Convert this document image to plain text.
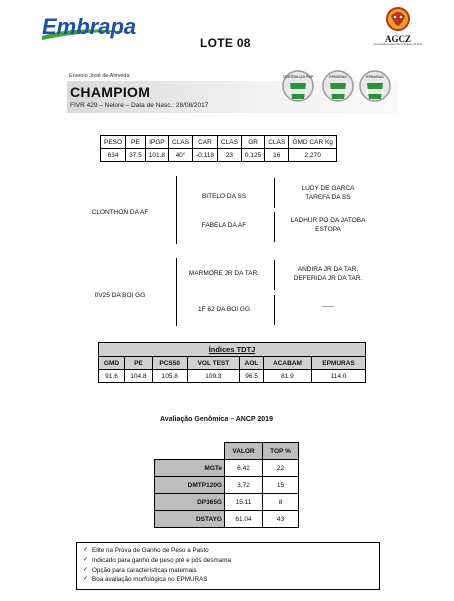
Embrapa
LOTE 08	AGCZ
Associação Goiana dos Criadores de Zebu
Ervenio José de Almeida
CHAMPIOM
FIVR 429 – Nelore – Data de Nasc.: 28/08/2017
CENTRALIZA PGP	EPMURAS	EPMURAS
PESO	PE	IPGP	CLAS	CAR	CLAS	GR	CLAS	GMD CAR Kg
634	37.5	101.8	40°	-0.118	23	0.125	16	2.270
CLONTHON DA AF
BITELO DA SS
FABELA DA AF
LUDY DE GARCA
TAREFA DA SS
LADHUR PO DA JATOBA
ESTOPA
0V25 DA BOI GG
MARMORE JR DA TAR.
1F 62 DA BOI GG
ANDIRA JR DA TAR.
DEFERIDA JR DA TAR.
___
Índices TDTJ						
GMD	PE	PCS50	VOL TEST	AOL	ACABAM	EPMURAS
91.6	104.8	105.8	109.3	96.5	81.9	114.0
Avaliação Genômica – ANCP 2019
	VALOR	TOP %
MGTe	6.42	22
DMTP120G	3.72	15
DP365G	15.11	8
DSTAYG	61.04	43
✓ Elite na Prova de Ganho de Peso a Pasto
✓ Indicado para ganho de peso pré e pós desmama
✓ Opção para características maternais
✓ Boa avaliação morfológica no EPMURAS
